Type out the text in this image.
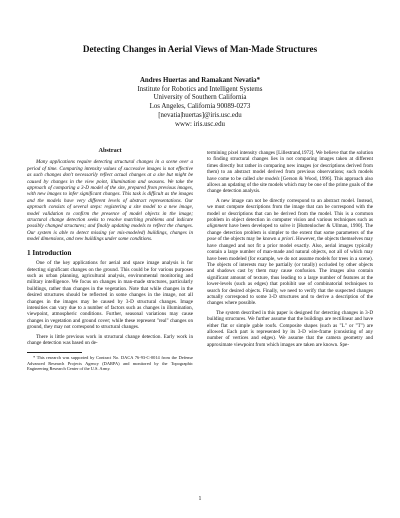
Detecting Changes in Aerial Views of Man-Made Structures
Andres Huertas and Ramakant Nevatia*
Institute for Robotics and Intelligent Systems
University of Southern California
Los Angeles, California 90089-0273
[nevatia|huertas]@iris.usc.edu
www: iris.usc.edu
Abstract

Many applications require detecting structural changes in a scene over a period of time. Comparing intensity values of successive images is not effective as such changes don't necessarily reflect actual changes at a site but might be caused by changes in the view point, illumination and seasons. We take the approach of comparing a 3-D model of the site, prepared from previous images, with new images to infer significant changes. This task is difficult as the images and the models have very different levels of abstract representations. Our approach consists of several steps: registering a site model to a new image, model validation to confirm the presence of model objects in the image; structural change detection seeks to resolve matching problems and indicate possibly changed structures; and finally updating models to reflect the changes. Our system is able to detect missing (or mis-modeled) buildings, changes in model dimensions, and new buildings under some conditions.

1 Introduction

One of the key applications for aerial and space image analysis is for detecting significant changes on the ground. This could be for various purposes such as urban planning, agricultural analysis, environmental monitoring and military intelligence. We focus on changes in man-made structures, particularly buildings, rather than changes in the vegetation. Note that while changes in the desired structures should be reflected in some changes in the image, not all changes in the images may be caused by 3-D structural changes. Image intensities can vary due to a number of factors such as changes in illumination, viewpoint, atmospheric conditions. Further, seasonal variations may cause changes in vegetation and ground cover; while these represent "real" changes on ground, they may not correspond to structural changes.

There is little previous work in structural change detection. Early work in change detection was based on de-

* This research was supported by Contract No. DACA 76-93-C-0014 from the Defense Advanced Research Projects Agency (DARPA) and monitored by the Topographic Engineering Research Center of the U.S. Army.

termining pixel intensity changes [Lillestrand,1972]. We believe that the solution to finding structural changes lies in not comparing images taken at different times directly but rather in comparing new images (or descriptions derived from them) to an abstract model derived from previous observations; such models have come to be called site models [Gerson & Wood, 1996]. This approach also allows an updating of the site models which may be one of the prime goals of the change detection analysis.

A new image can not be directly correspond to an abstract model. Instead, we must compute descriptions from the image that can be correspond with the model or descriptions that can be derived from the model. This is a common problem in object detection in computer vision and various techniques such as alignment have been developed to solve it [Huttenlocher & Ullman, 1990]. The change detection problem is simpler to the extent that some parameters of the pose of the objects may be known a priori. However, the objects themselves may have changed and not fit a prior model exactly. Also, aerial images typically contain a large number of man-made and natural objects, not all of which may have been modeled (for example, we do not assume models for trees in a scene). The objects of interests may be partially (or totally) occluded by other objects and shadows cast by them may cause confusion. The images also contain significant amount of texture, thus leading to a large number of features at the lower-levels (such as edges) that prohibit use of combinatorial techniques to search for desired objects. Finally, we need to verify that the suspected changes actually correspond to some 3-D structures and to derive a description of the changes where possible.

The system described in this paper is designed for detecting changes in 3-D building structures. We further assume that the buildings are rectilinear and have either flat or simple gable roofs. Composite shapes (such as "L" or "T") are allowed. Each part is represented by its 3-D wire-frame (consisting of any number of vertices and edges). We assume that the camera geometry and approximate viewpoint from which images are taken are known. Spe-

1
